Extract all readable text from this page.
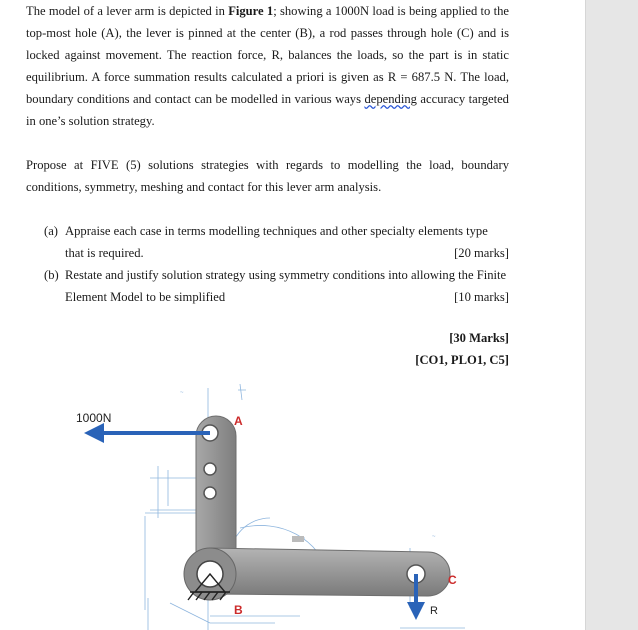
The model of a lever arm is depicted in Figure 1; showing a 1000N load is being applied to the top-most hole (A), the lever is pinned at the center (B), a rod passes through hole (C) and is locked against movement. The reaction force, R, balances the loads, so the part is in static equilibrium. A force summation results calculated a priori is given as R = 687.5 N. The load, boundary conditions and contact can be modelled in various ways depending accuracy targeted in one’s solution strategy.

Propose at FIVE (5) solutions strategies with regards to modelling the load, boundary conditions, symmetry, meshing and contact for this lever arm analysis.

(a) Appraise each case in terms modelling techniques and other specialty elements type
that is required.	[20 marks]
(b) Restate and justify solution strategy using symmetry conditions into allowing the Finite
Element Model to be simplified	[10 marks]
[30 Marks]
[CO1, PLO1, C5]
~
~
1000N	A
B
C
R
